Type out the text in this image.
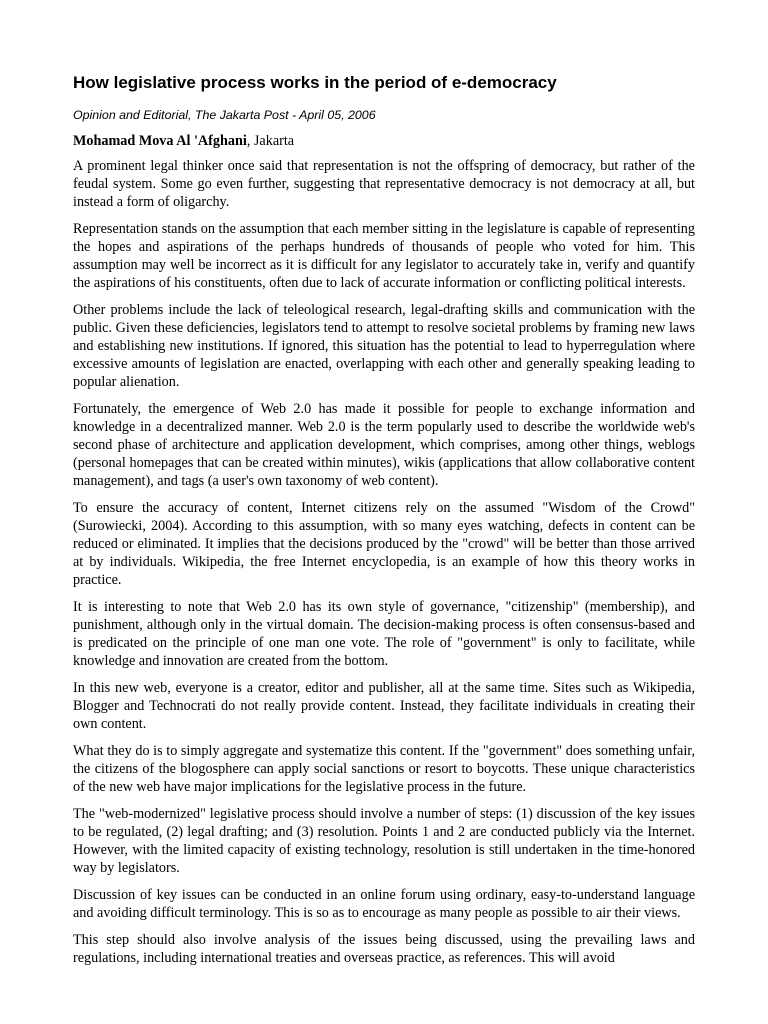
How legislative process works in the period of e-democracy
Opinion and Editorial, The Jakarta Post - April 05, 2006
Mohamad Mova Al 'Afghani, Jakarta

A prominent legal thinker once said that representation is not the offspring of democracy, but rather of the feudal system. Some go even further, suggesting that representative democracy is not democracy at all, but instead a form of oligarchy.

Representation stands on the assumption that each member sitting in the legislature is capable of representing the hopes and aspirations of the perhaps hundreds of thousands of people who voted for him. This assumption may well be incorrect as it is difficult for any legislator to accurately take in, verify and quantify the aspirations of his constituents, often due to lack of accurate information or conflicting political interests.

Other problems include the lack of teleological research, legal-drafting skills and communication with the public. Given these deficiencies, legislators tend to attempt to resolve societal problems by framing new laws and establishing new institutions. If ignored, this situation has the potential to lead to hyperregulation where excessive amounts of legislation are enacted, overlapping with each other and generally speaking leading to popular alienation.

Fortunately, the emergence of Web 2.0 has made it possible for people to exchange information and knowledge in a decentralized manner. Web 2.0 is the term popularly used to describe the worldwide web's second phase of architecture and application development, which comprises, among other things, weblogs (personal homepages that can be created within minutes), wikis (applications that allow collaborative content management), and tags (a user's own taxonomy of web content).

To ensure the accuracy of content, Internet citizens rely on the assumed "Wisdom of the Crowd" (Surowiecki, 2004). According to this assumption, with so many eyes watching, defects in content can be reduced or eliminated. It implies that the decisions produced by the "crowd" will be better than those arrived at by individuals. Wikipedia, the free Internet encyclopedia, is an example of how this theory works in practice.

It is interesting to note that Web 2.0 has its own style of governance, "citizenship" (membership), and punishment, although only in the virtual domain. The decision-making process is often consensus-based and is predicated on the principle of one man one vote. The role of "government" is only to facilitate, while knowledge and innovation are created from the bottom.

In this new web, everyone is a creator, editor and publisher, all at the same time. Sites such as Wikipedia, Blogger and Technocrati do not really provide content. Instead, they facilitate individuals in creating their own content.

What they do is to simply aggregate and systematize this content. If the "government" does something unfair, the citizens of the blogosphere can apply social sanctions or resort to boycotts. These unique characteristics of the new web have major implications for the legislative process in the future.

The "web-modernized" legislative process should involve a number of steps: (1) discussion of the key issues to be regulated, (2) legal drafting; and (3) resolution. Points 1 and 2 are conducted publicly via the Internet. However, with the limited capacity of existing technology, resolution is still undertaken in the time-honored way by legislators.

Discussion of key issues can be conducted in an online forum using ordinary, easy-to-understand language and avoiding difficult terminology. This is so as to encourage as many people as possible to air their views.

This step should also involve analysis of the issues being discussed, using the prevailing laws and regulations, including international treaties and overseas practice, as references. This will avoid
